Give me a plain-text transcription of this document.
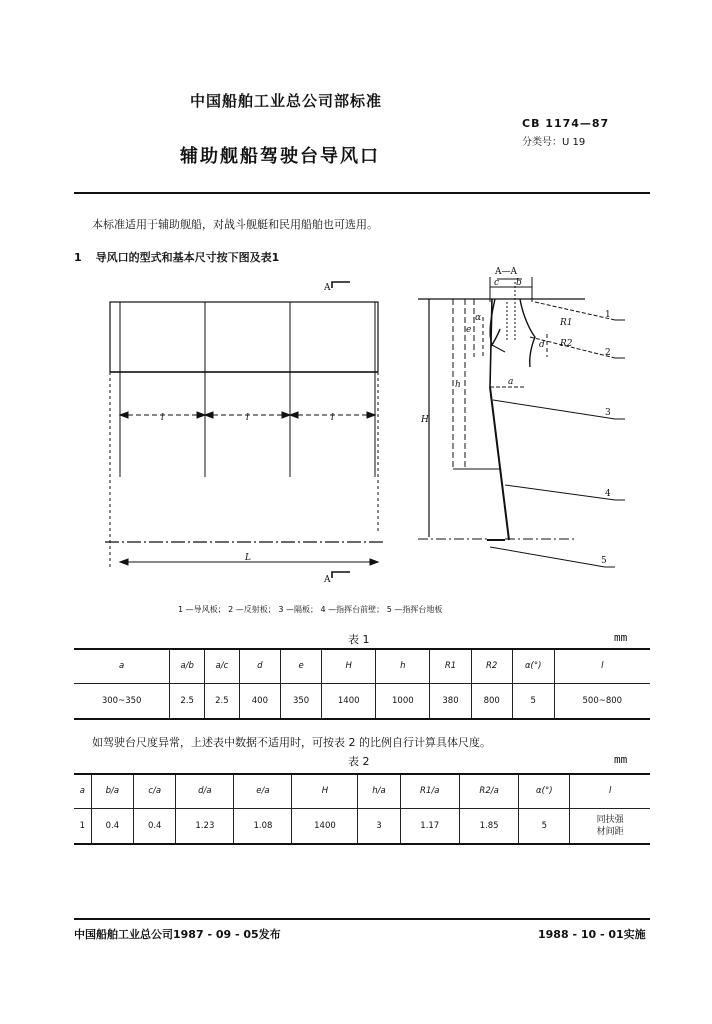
中国船舶工业总公司部标准
CB 1174—87
分类号：U 19
辅助舰船驾驶台导风口
本标准适用于辅助舰船，对战斗舰艇和民用船舶也可选用。
1 导风口的型式和基本尺寸按下图及表1
l	l	l
L
H
h
e
d
c b
a
α	R1
R2
A
A
A—A
1
2
3
4
5
1 —导风板； 2 —反射板； 3 —隔板； 4 —指挥台前壁； 5 —指挥台地板
表 1	mm
a	a/b	a/c	d	e	H	h	R1	R2	α(°)	l
300~350	2.5	2.5	400	350	1400	1000	380	800	5	500~800
如驾驶台尺度异常，上述表中数据不适用时，可按表 2 的比例自行计算具体尺度。
表 2	mm
a	b/a	c/a	d/a	e/a	H	h/a	R1/a	R2/a	α(°)	l
1	0.4	0.4	1.23	1.08	1400	3	1.17	1.85	5	同扶强
材间距
中国船舶工业总公司1987 - 09 - 05发布	1988 - 10 - 01实施
